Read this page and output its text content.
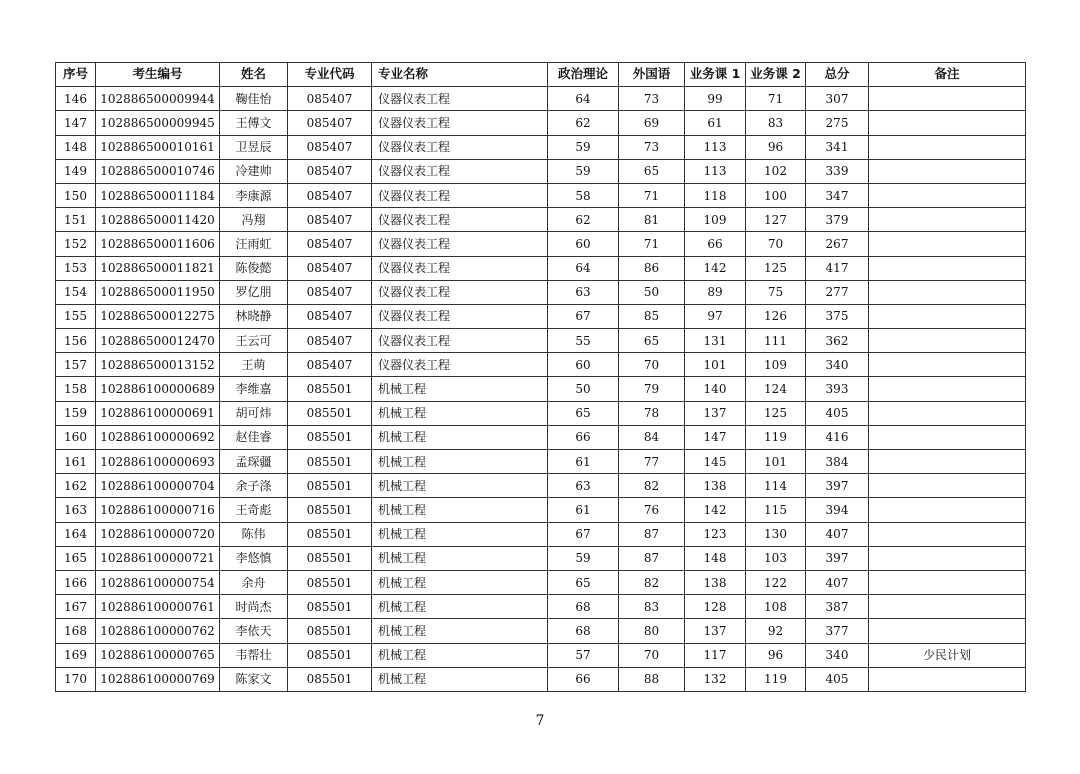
序号	考生编号	姓名	专业代码	专业名称	政治理论	外国语	业务课 1	业务课 2	总分	备注
146	102886500009944	鞠佳怡	085407	仪器仪表工程	64	73	99	71	307	
147	102886500009945	王傅文	085407	仪器仪表工程	62	69	61	83	275	
148	102886500010161	卫昱辰	085407	仪器仪表工程	59	73	113	96	341	
149	102886500010746	冷建帅	085407	仪器仪表工程	59	65	113	102	339	
150	102886500011184	李康源	085407	仪器仪表工程	58	71	118	100	347	
151	102886500011420	冯翔	085407	仪器仪表工程	62	81	109	127	379	
152	102886500011606	汪雨虹	085407	仪器仪表工程	60	71	66	70	267	
153	102886500011821	陈俊懿	085407	仪器仪表工程	64	86	142	125	417	
154	102886500011950	罗亿朋	085407	仪器仪表工程	63	50	89	75	277	
155	102886500012275	林晓静	085407	仪器仪表工程	67	85	97	126	375	
156	102886500012470	王云可	085407	仪器仪表工程	55	65	131	111	362	
157	102886500013152	王萌	085407	仪器仪表工程	60	70	101	109	340	
158	102886100000689	李维嘉	085501	机械工程	50	79	140	124	393	
159	102886100000691	胡可炜	085501	机械工程	65	78	137	125	405	
160	102886100000692	赵佳睿	085501	机械工程	66	84	147	119	416	
161	102886100000693	孟琛疆	085501	机械工程	61	77	145	101	384	
162	102886100000704	余子涤	085501	机械工程	63	82	138	114	397	
163	102886100000716	王奇彪	085501	机械工程	61	76	142	115	394	
164	102886100000720	陈伟	085501	机械工程	67	87	123	130	407	
165	102886100000721	李悠慎	085501	机械工程	59	87	148	103	397	
166	102886100000754	余舟	085501	机械工程	65	82	138	122	407	
167	102886100000761	时尚杰	085501	机械工程	68	83	128	108	387	
168	102886100000762	李依天	085501	机械工程	68	80	137	92	377	
169	102886100000765	韦帮壮	085501	机械工程	57	70	117	96	340	少民计划
170	102886100000769	陈家文	085501	机械工程	66	88	132	119	405	
7
